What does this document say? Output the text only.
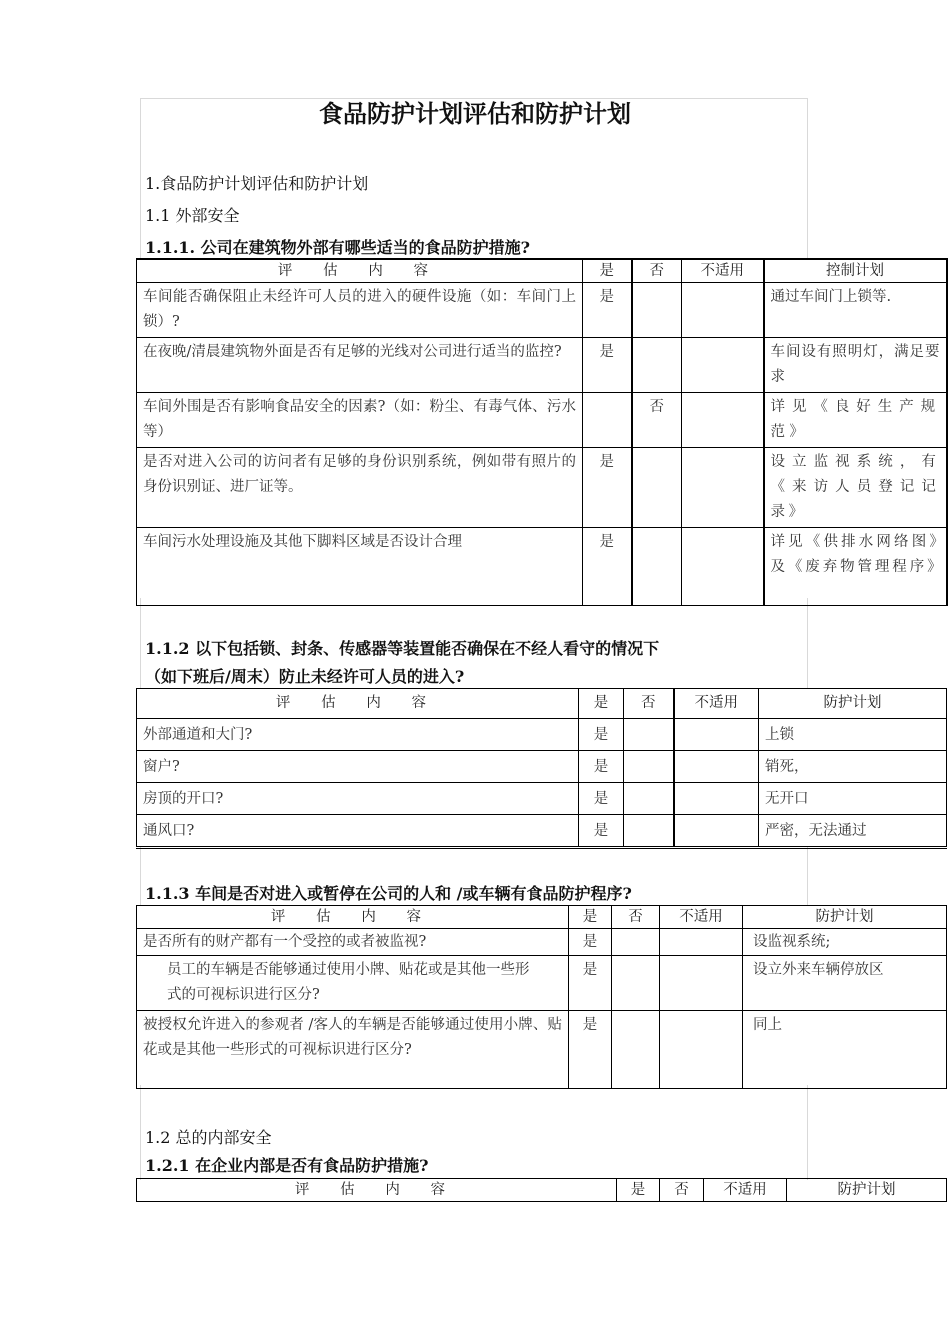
食品防护计划评估和防护计划
1.食品防护计划评估和防护计划
1.1 外部安全
1.1.1. 公司在建筑物外部有哪些适当的食品防护措施?
评 估 内 容	是	否	不适用	控制计划
车间能否确保阻止未经许可人员的进入的硬件设施（如：车间门上锁）?	是			通过车间门上锁等.
在夜晚/清晨建筑物外面是否有足够的光线对公司进行适当的监控?	是			车间设有照明灯，满足要求
车间外围是否有影响食品安全的因素?（如：粉尘、有毒气体、污水等）		否		详见《良好生产规范》
是否对进入公司的访问者有足够的身份识别系统，例如带有照片的身份识别证、进厂证等。	是			设立监视系统，有《来访人员登记记录》
车间污水处理设施及其他下脚料区域是否设计合理	是			详见《供排水网络图》及《废弃物管理程序》
1.1.2 以下包括锁、封条、传感器等装置能否确保在不经人看守的情况下
（如下班后/周末）防止未经许可人员的进入?
评 估 内 容	是	否	不适用	防护计划
外部通道和大门?	是			上锁
窗户?	是			销死，
房顶的开口?	是			无开口
通风口?	是			严密，无法通过
1.1.3 车间是否对进入或暂停在公司的人和 /或车辆有食品防护程序?
评 估 内 容	是	否	不适用	防护计划
是否所有的财产都有一个受控的或者被监视?	是			设监视系统;
员工的车辆是否能够通过使用小牌、贴花或是其他一些形式的可视标识进行区分?	是			设立外来车辆停放区
被授权允许进入的参观者 /客人的车辆是否能够通过使用小牌、贴花或是其他一些形式的可视标识进行区分?	是			同上
1.2 总的内部安全
1.2.1 在企业内部是否有食品防护措施?
评 估 内 容	是	否	不适用	防护计划
